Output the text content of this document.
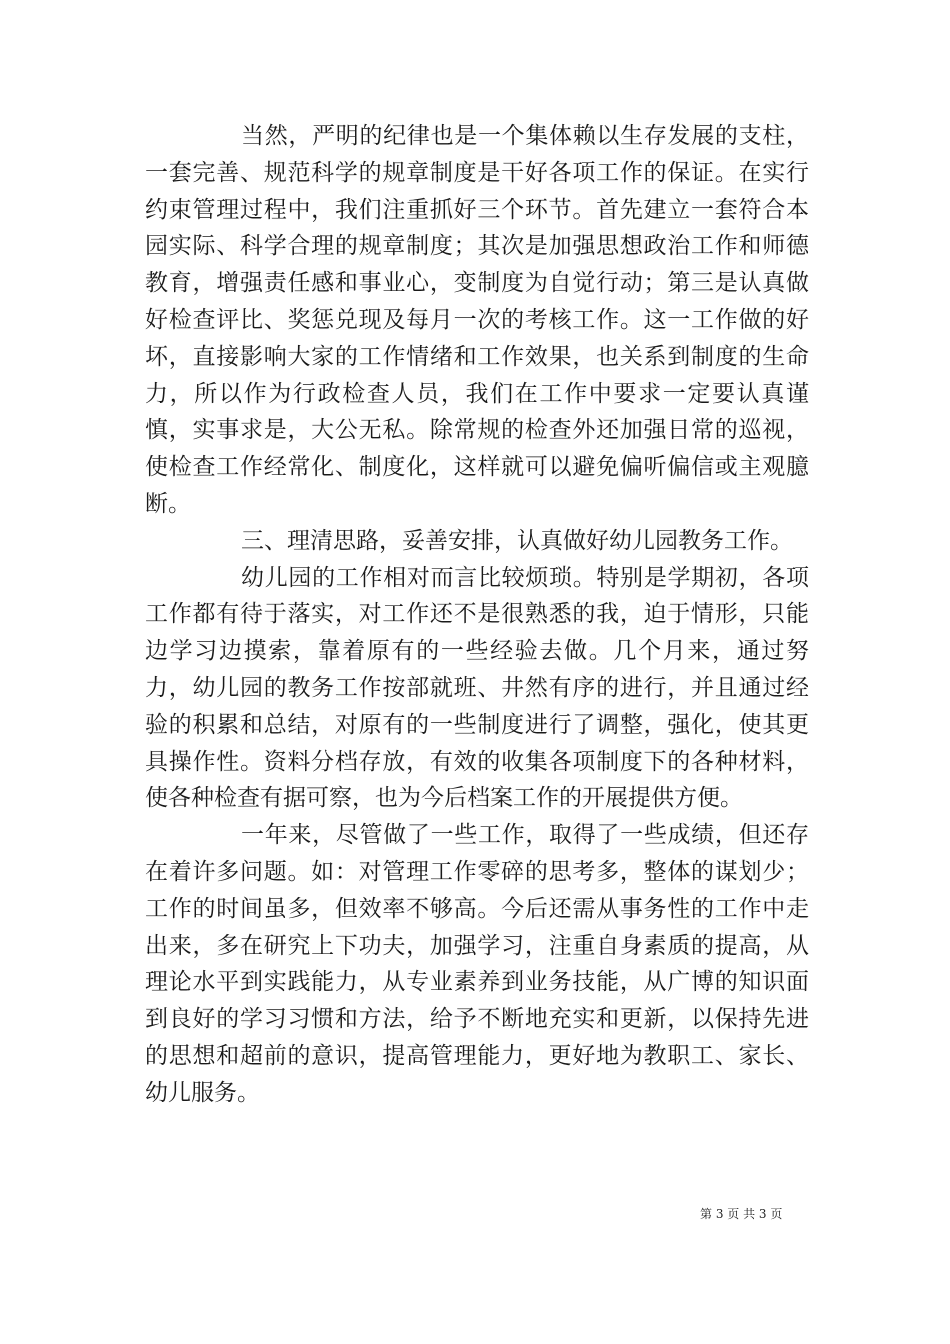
当然，严明的纪律也是一个集体赖以生存发展的支柱，一套完善、规范科学的规章制度是干好各项工作的保证。在实行约束管理过程中，我们注重抓好三个环节。首先建立一套符合本园实际、科学合理的规章制度；其次是加强思想政治工作和师德教育，增强责任感和事业心，变制度为自觉行动；第三是认真做好检查评比、奖惩兑现及每月一次的考核工作。这一工作做的好坏，直接影响大家的工作情绪和工作效果，也关系到制度的生命力，所以作为行政检查人员，我们在工作中要求一定要认真谨慎，实事求是，大公无私。除常规的检查外还加强日常的巡视，使检查工作经常化、制度化，这样就可以避免偏听偏信或主观臆断。

三、理清思路，妥善安排，认真做好幼儿园教务工作。

幼儿园的工作相对而言比较烦琐。特别是学期初，各项工作都有待于落实，对工作还不是很熟悉的我，迫于情形，只能边学习边摸索，靠着原有的一些经验去做。几个月来，通过努力，幼儿园的教务工作按部就班、井然有序的进行，并且通过经验的积累和总结，对原有的一些制度进行了调整，强化，使其更具操作性。资料分档存放，有效的收集各项制度下的各种材料，使各种检查有据可察，也为今后档案工作的开展提供方便。

一年来，尽管做了一些工作，取得了一些成绩，但还存在着许多问题。如：对管理工作零碎的思考多，整体的谋划少；工作的时间虽多，但效率不够高。今后还需从事务性的工作中走出来，多在研究上下功夫，加强学习，注重自身素质的提高，从理论水平到实践能力，从专业素养到业务技能，从广博的知识面到良好的学习习惯和方法，给予不断地充实和更新，以保持先进的思想和超前的意识，提高管理能力，更好地为教职工、家长、幼儿服务。

第 3 页 共 3 页
